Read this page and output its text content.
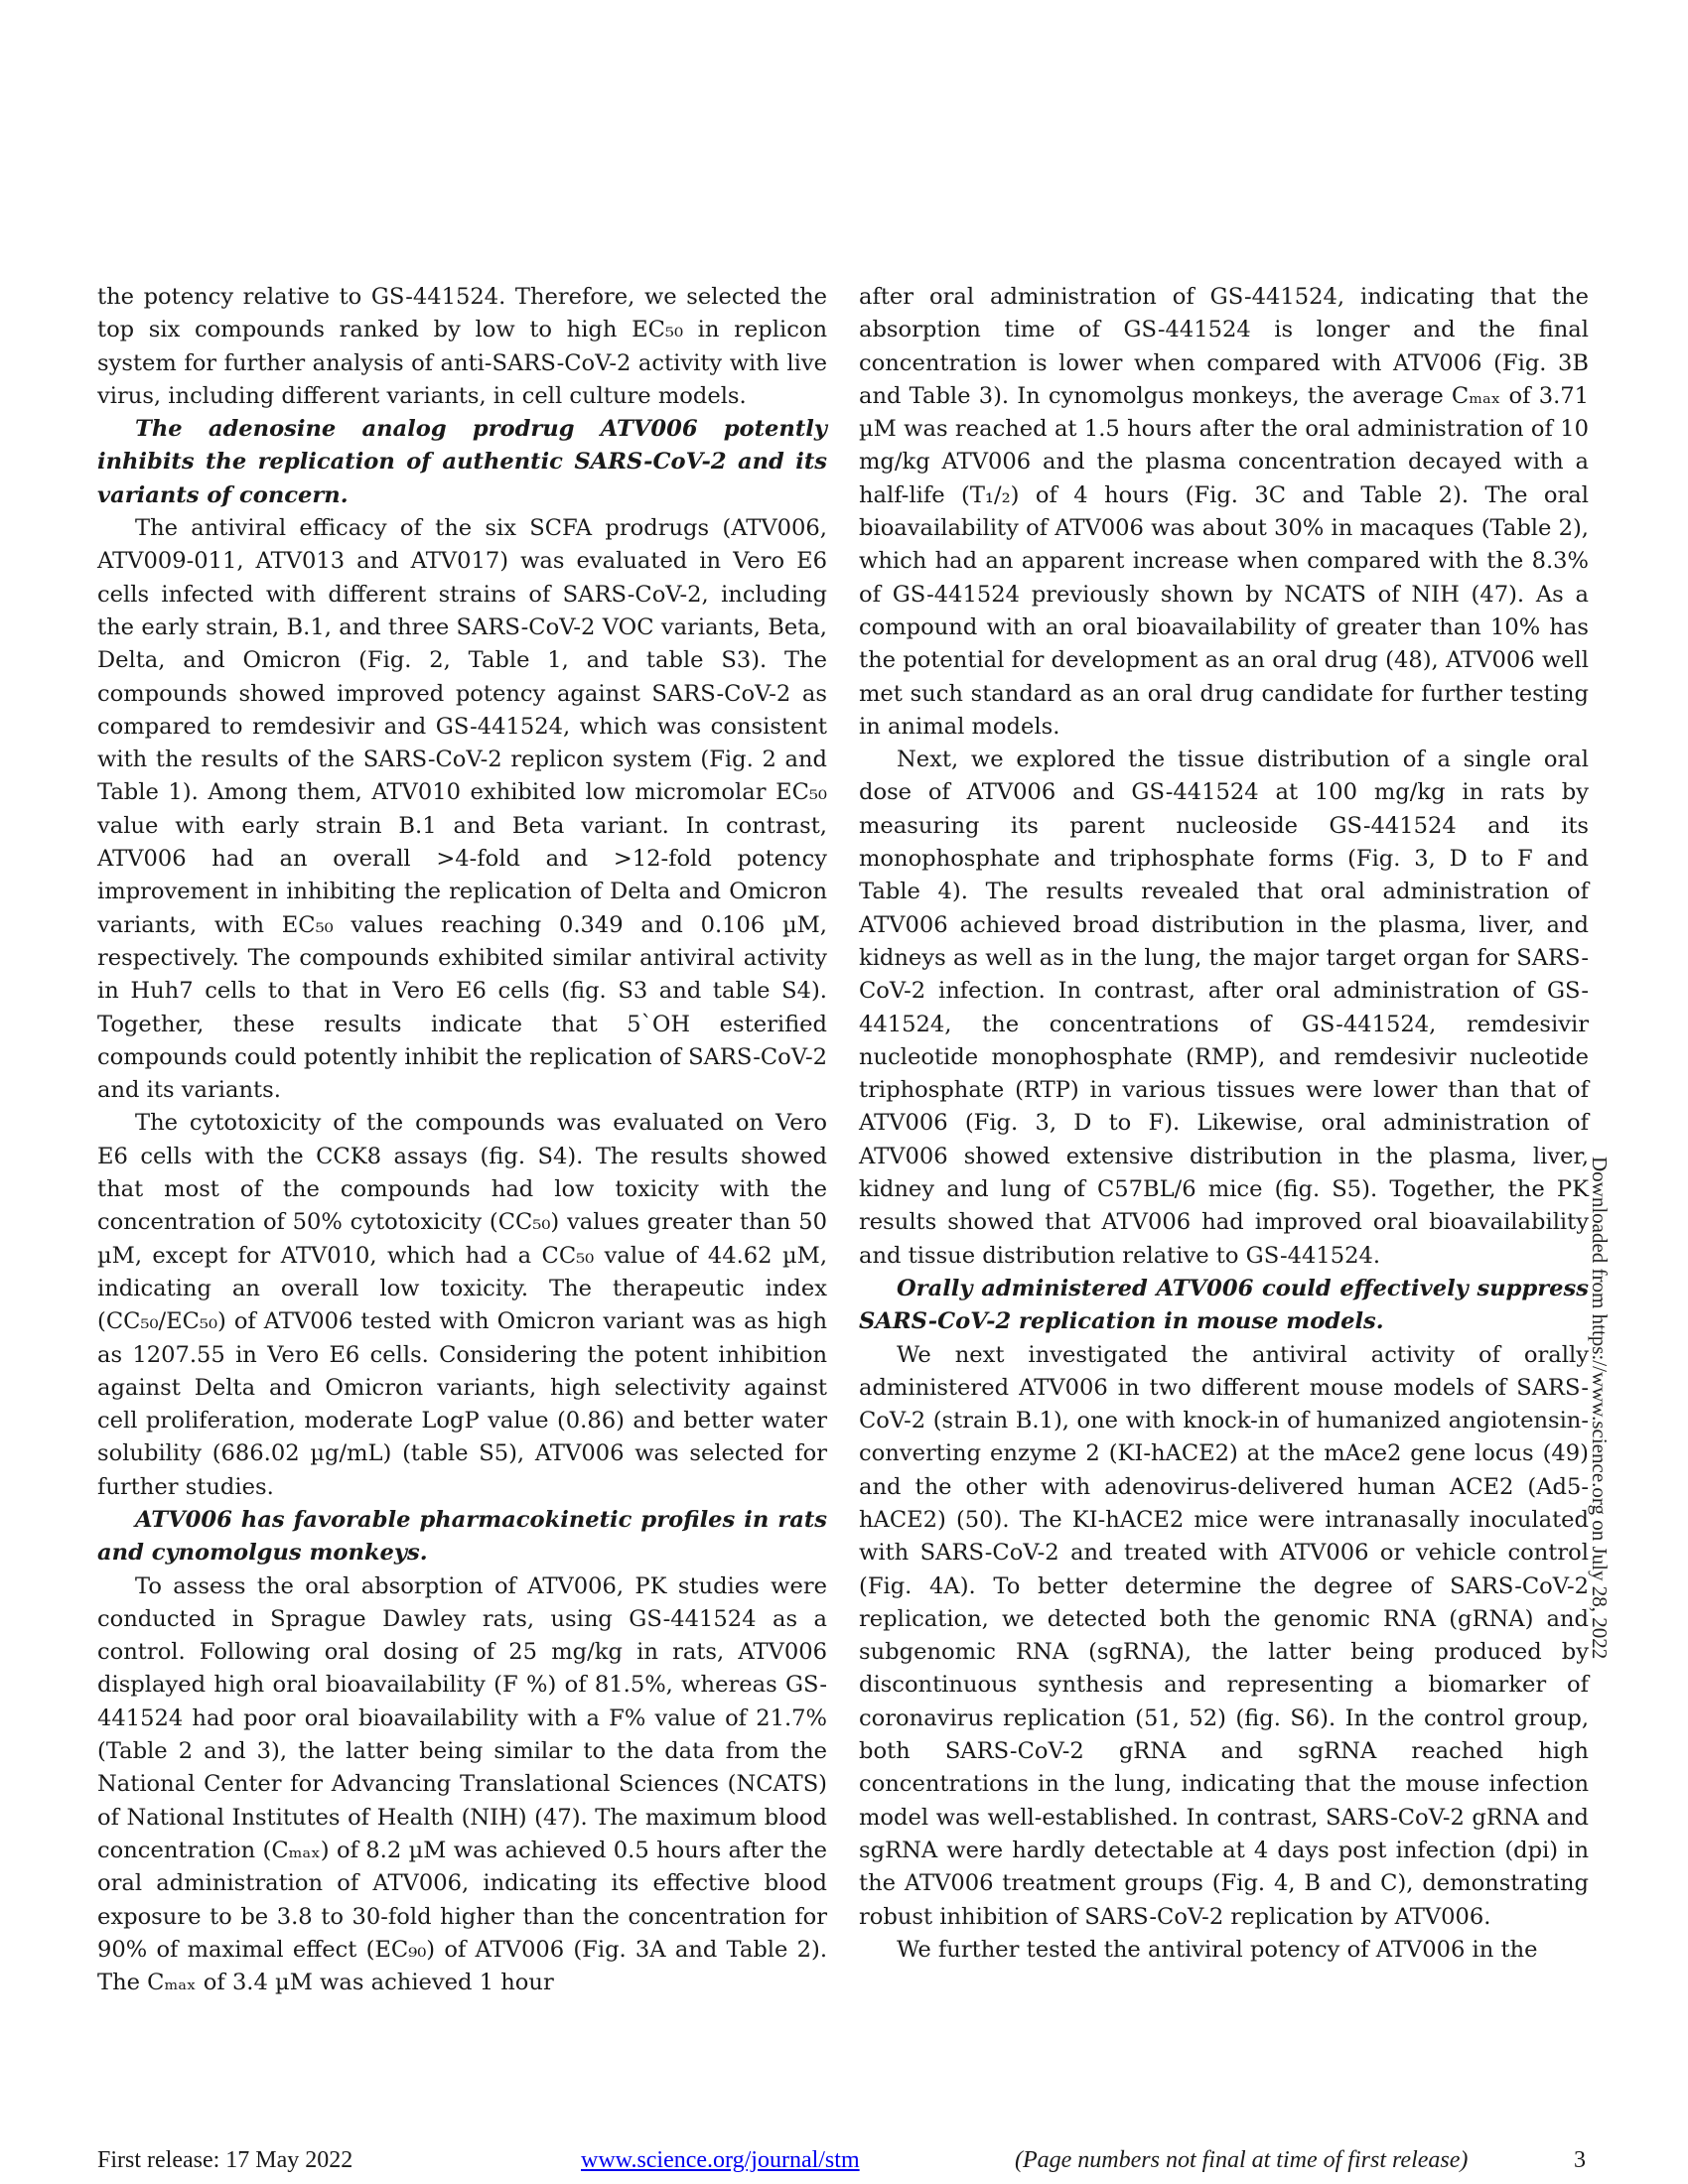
the potency relative to GS-441524. Therefore, we selected the top six compounds ranked by low to high EC₅₀ in replicon system for further analysis of anti-SARS-CoV-2 activity with live virus, including different variants, in cell culture models.

The adenosine analog prodrug ATV006 potently inhibits the replication of authentic SARS-CoV-2 and its variants of concern.

The antiviral efficacy of the six SCFA prodrugs (ATV006, ATV009-011, ATV013 and ATV017) was evaluated in Vero E6 cells infected with different strains of SARS-CoV-2, including the early strain, B.1, and three SARS-CoV-2 VOC variants, Beta, Delta, and Omicron (Fig. 2, Table 1, and table S3). The compounds showed improved potency against SARS-CoV-2 as compared to remdesivir and GS-441524, which was consistent with the results of the SARS-CoV-2 replicon system (Fig. 2 and Table 1). Among them, ATV010 exhibited low micromolar EC₅₀ value with early strain B.1 and Beta variant. In contrast, ATV006 had an overall >4-fold and >12-fold potency improvement in inhibiting the replication of Delta and Omicron variants, with EC₅₀ values reaching 0.349 and 0.106 µM, respectively. The compounds exhibited similar antiviral activity in Huh7 cells to that in Vero E6 cells (fig. S3 and table S4). Together, these results indicate that 5`OH esterified compounds could potently inhibit the replication of SARS-CoV-2 and its variants.

The cytotoxicity of the compounds was evaluated on Vero E6 cells with the CCK8 assays (fig. S4). The results showed that most of the compounds had low toxicity with the concentration of 50% cytotoxicity (CC₅₀) values greater than 50 µM, except for ATV010, which had a CC₅₀ value of 44.62 µM, indicating an overall low toxicity. The therapeutic index (CC₅₀/EC₅₀) of ATV006 tested with Omicron variant was as high as 1207.55 in Vero E6 cells. Considering the potent inhibition against Delta and Omicron variants, high selectivity against cell proliferation, moderate LogP value (0.86) and better water solubility (686.02 µg/mL) (table S5), ATV006 was selected for further studies.

ATV006 has favorable pharmacokinetic profiles in rats and cynomolgus monkeys.

To assess the oral absorption of ATV006, PK studies were conducted in Sprague Dawley rats, using GS-441524 as a control. Following oral dosing of 25 mg/kg in rats, ATV006 displayed high oral bioavailability (F %) of 81.5%, whereas GS-441524 had poor oral bioavailability with a F% value of 21.7% (Table 2 and 3), the latter being similar to the data from the National Center for Advancing Translational Sciences (NCATS) of National Institutes of Health (NIH) (47). The maximum blood concentration (Cₘₐₓ) of 8.2 µM was achieved 0.5 hours after the oral administration of ATV006, indicating its effective blood exposure to be 3.8 to 30-fold higher than the concentration for 90% of maximal effect (EC₉₀) of ATV006 (Fig. 3A and Table 2). The Cₘₐₓ of 3.4 µM was achieved 1 hour

after oral administration of GS-441524, indicating that the absorption time of GS-441524 is longer and the final concentration is lower when compared with ATV006 (Fig. 3B and Table 3). In cynomolgus monkeys, the average Cₘₐₓ of 3.71 µM was reached at 1.5 hours after the oral administration of 10 mg/kg ATV006 and the plasma concentration decayed with a half-life (T₁/₂) of 4 hours (Fig. 3C and Table 2). The oral bioavailability of ATV006 was about 30% in macaques (Table 2), which had an apparent increase when compared with the 8.3% of GS-441524 previously shown by NCATS of NIH (47). As a compound with an oral bioavailability of greater than 10% has the potential for development as an oral drug (48), ATV006 well met such standard as an oral drug candidate for further testing in animal models.

Next, we explored the tissue distribution of a single oral dose of ATV006 and GS-441524 at 100 mg/kg in rats by measuring its parent nucleoside GS-441524 and its monophosphate and triphosphate forms (Fig. 3, D to F and Table 4). The results revealed that oral administration of ATV006 achieved broad distribution in the plasma, liver, and kidneys as well as in the lung, the major target organ for SARS-CoV-2 infection. In contrast, after oral administration of GS-441524, the concentrations of GS-441524, remdesivir nucleotide monophosphate (RMP), and remdesivir nucleotide triphosphate (RTP) in various tissues were lower than that of ATV006 (Fig. 3, D to F). Likewise, oral administration of ATV006 showed extensive distribution in the plasma, liver, kidney and lung of C57BL/6 mice (fig. S5). Together, the PK results showed that ATV006 had improved oral bioavailability and tissue distribution relative to GS-441524.

Orally administered ATV006 could effectively suppress SARS-CoV-2 replication in mouse models.

We next investigated the antiviral activity of orally administered ATV006 in two different mouse models of SARS-CoV-2 (strain B.1), one with knock-in of humanized angiotensin-converting enzyme 2 (KI-hACE2) at the mAce2 gene locus (49) and the other with adenovirus-delivered human ACE2 (Ad5-hACE2) (50). The KI-hACE2 mice were intranasally inoculated with SARS-CoV-2 and treated with ATV006 or vehicle control (Fig. 4A). To better determine the degree of SARS-CoV-2 replication, we detected both the genomic RNA (gRNA) and subgenomic RNA (sgRNA), the latter being produced by discontinuous synthesis and representing a biomarker of coronavirus replication (51, 52) (fig. S6). In the control group, both SARS-CoV-2 gRNA and sgRNA reached high concentrations in the lung, indicating that the mouse infection model was well-established. In contrast, SARS-CoV-2 gRNA and sgRNA were hardly detectable at 4 days post infection (dpi) in the ATV006 treatment groups (Fig. 4, B and C), demonstrating robust inhibition of SARS-CoV-2 replication by ATV006.

We further tested the antiviral potency of ATV006 in the

Downloaded from https://www.science.org on July 28, 2022
First release: 17 May 2022	www.science.org/journal/stm	(Page numbers not final at time of first release)	3
